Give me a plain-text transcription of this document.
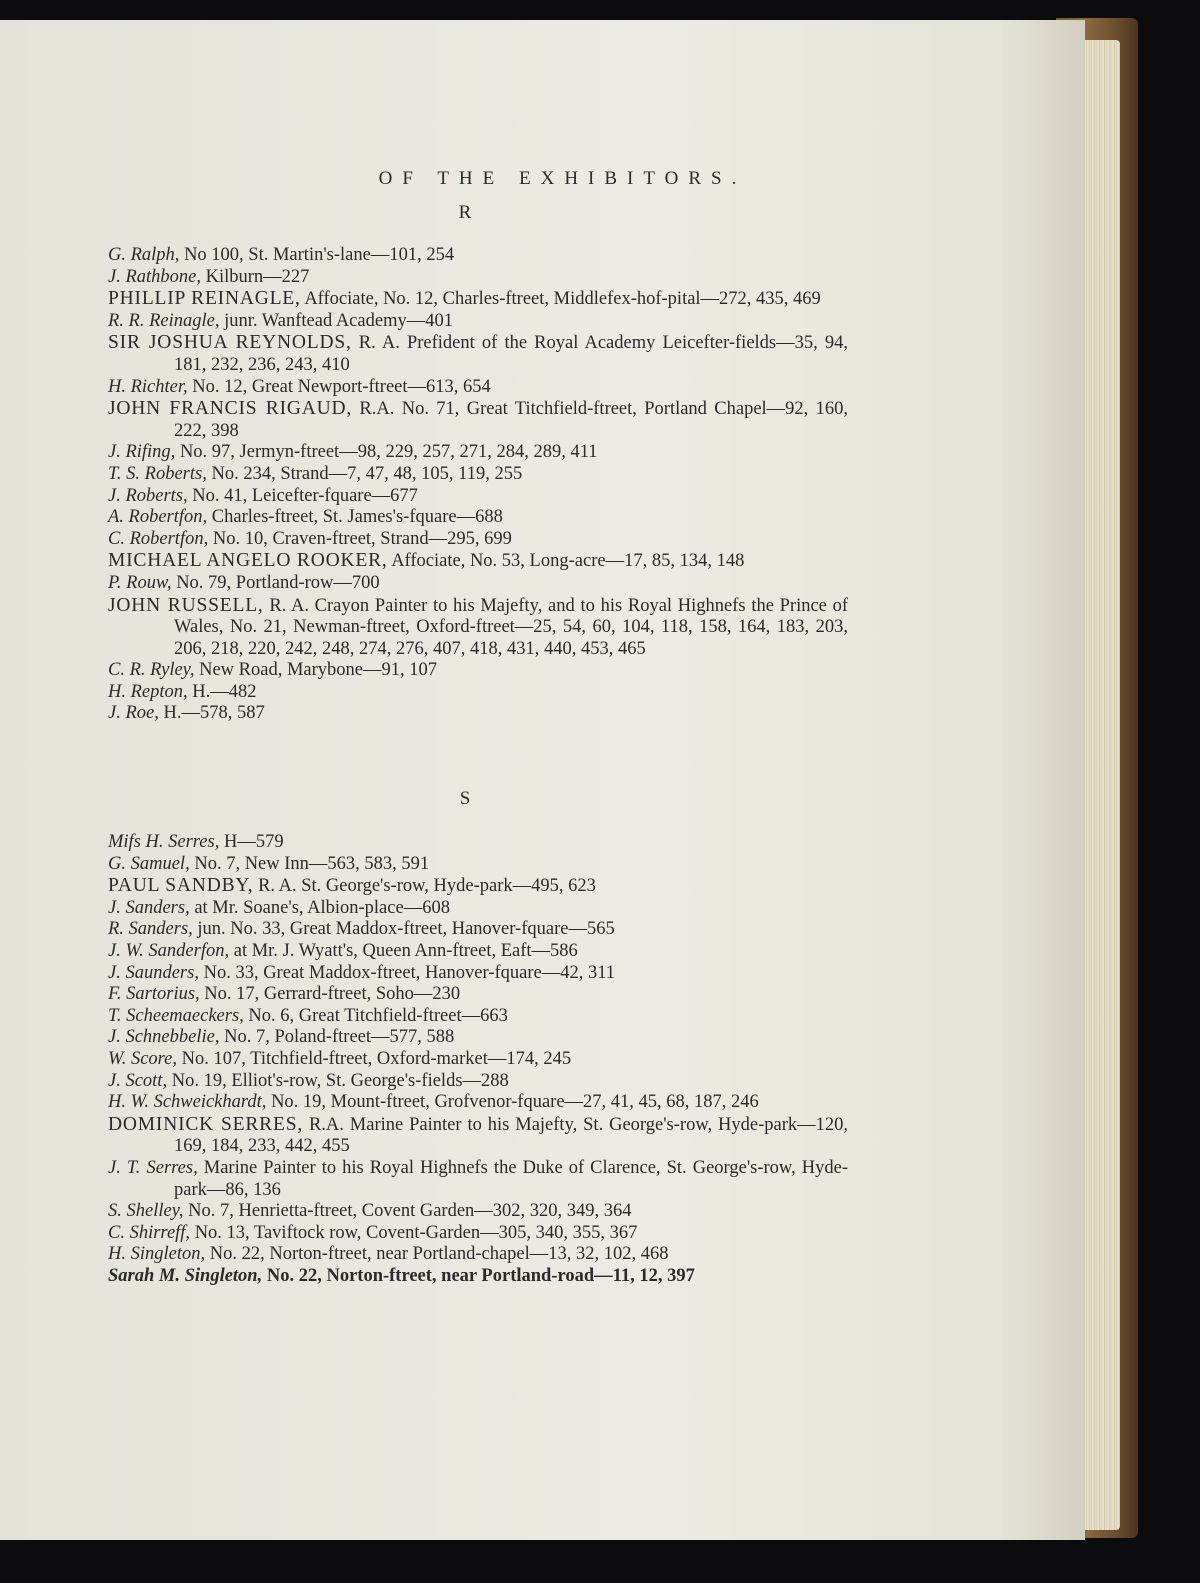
OF THE EXHIBITORS.
R
G. Ralph, No 100, St. Martin's-lane—101, 254
J. Rathbone, Kilburn—227
PHILLIP REINAGLE, Affociate, No. 12, Charles-ftreet, Middlefex-hof-pital—272, 435, 469
R. R. Reinagle, junr. Wanftead Academy—401
SIR JOSHUA REYNOLDS, R. A. Prefident of the Royal Academy Leicefter-fields—35, 94, 181, 232, 236, 243, 410
H. Richter, No. 12, Great Newport-ftreet—613, 654
JOHN FRANCIS RIGAUD, R.A. No. 71, Great Titchfield-ftreet, Portland Chapel—92, 160, 222, 398
J. Rifing, No. 97, Jermyn-ftreet—98, 229, 257, 271, 284, 289, 411
T. S. Roberts, No. 234, Strand—7, 47, 48, 105, 119, 255
J. Roberts, No. 41, Leicefter-fquare—677
A. Robertfon, Charles-ftreet, St. James's-fquare—688
C. Robertfon, No. 10, Craven-ftreet, Strand—295, 699
MICHAEL ANGELO ROOKER, Affociate, No. 53, Long-acre—17, 85, 134, 148
P. Rouw, No. 79, Portland-row—700
JOHN RUSSELL, R. A. Crayon Painter to his Majefty, and to his Royal Highnefs the Prince of Wales, No. 21, Newman-ftreet, Oxford-ftreet—25, 54, 60, 104, 118, 158, 164, 183, 203, 206, 218, 220, 242, 248, 274, 276, 407, 418, 431, 440, 453, 465
C. R. Ryley, New Road, Marybone—91, 107
H. Repton, H.—482
J. Roe, H.—578, 587
S
Mifs H. Serres, H—579
G. Samuel, No. 7, New Inn—563, 583, 591
PAUL SANDBY, R. A. St. George's-row, Hyde-park—495, 623
J. Sanders, at Mr. Soane's, Albion-place—608
R. Sanders, jun. No. 33, Great Maddox-ftreet, Hanover-fquare—565
J. W. Sanderfon, at Mr. J. Wyatt's, Queen Ann-ftreet, Eaft—586
J. Saunders, No. 33, Great Maddox-ftreet, Hanover-fquare—42, 311
F. Sartorius, No. 17, Gerrard-ftreet, Soho—230
T. Scheemaeckers, No. 6, Great Titchfield-ftreet—663
J. Schnebbelie, No. 7, Poland-ftreet—577, 588
W. Score, No. 107, Titchfield-ftreet, Oxford-market—174, 245
J. Scott, No. 19, Elliot's-row, St. George's-fields—288
H. W. Schweickhardt, No. 19, Mount-ftreet, Grofvenor-fquare—27, 41, 45, 68, 187, 246
DOMINICK SERRES, R.A. Marine Painter to his Majefty, St. George's-row, Hyde-park—120, 169, 184, 233, 442, 455
J. T. Serres, Marine Painter to his Royal Highnefs the Duke of Clarence, St. George's-row, Hyde-park—86, 136
S. Shelley, No. 7, Henrietta-ftreet, Covent Garden—302, 320, 349, 364
C. Shirreff, No. 13, Taviftock row, Covent-Garden—305, 340, 355, 367
H. Singleton, No. 22, Norton-ftreet, near Portland-chapel—13, 32, 102, 468
Sarah M. Singleton, No. 22, Norton-ftreet, near Portland-road—11, 12, 397
